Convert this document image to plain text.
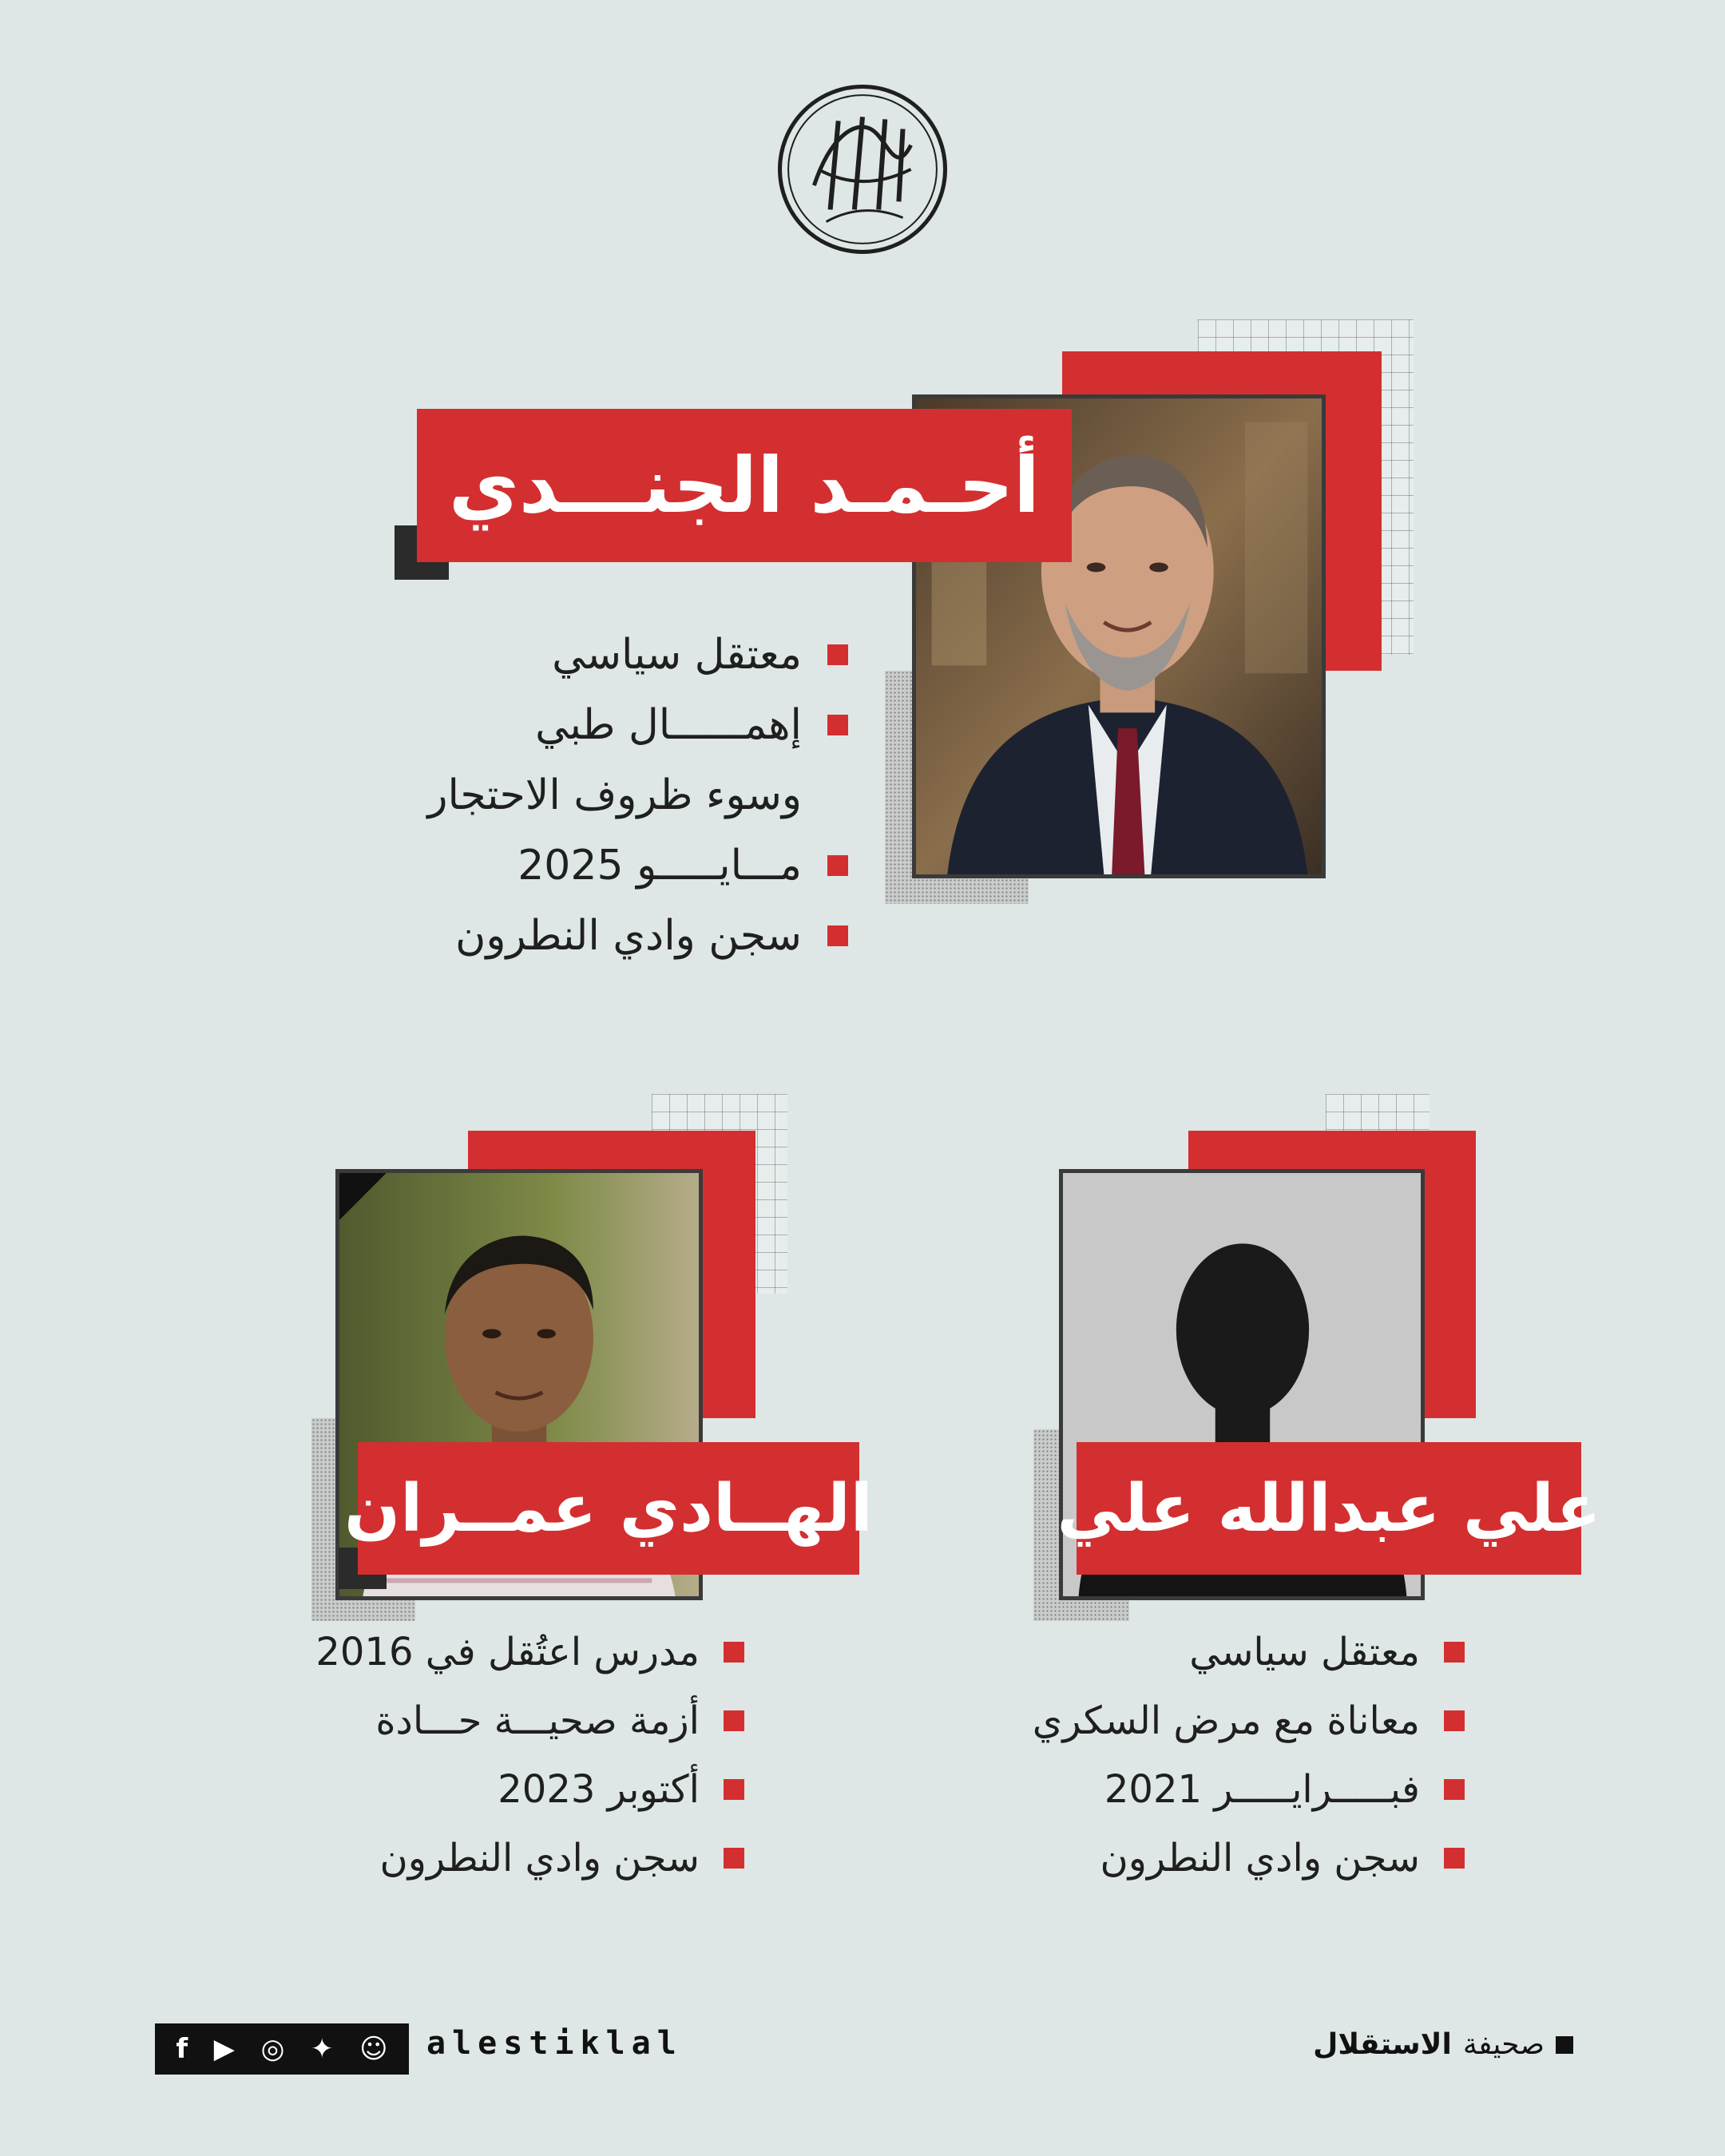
أحـمـد الجنـــدي
معتقل سياسي
إهمــــــال طبي
وسوء ظروف الاحتجار
مـــايـــــو 2025
سجن وادي النطرون
علي عبدالله علي
معتقل سياسي
معاناة مع مرض السكري
فبـــــرايـــــر 2021
سجن وادي النطرون
الهــادي عمــران
مدرس اعتُقل في 2016
أزمة صحيـــة حـــادة
أكتوبر 2023
سجن وادي النطرون
f ▶ ◎ ✦ ☺ alestiklal	صحيفة
الاستقلال
